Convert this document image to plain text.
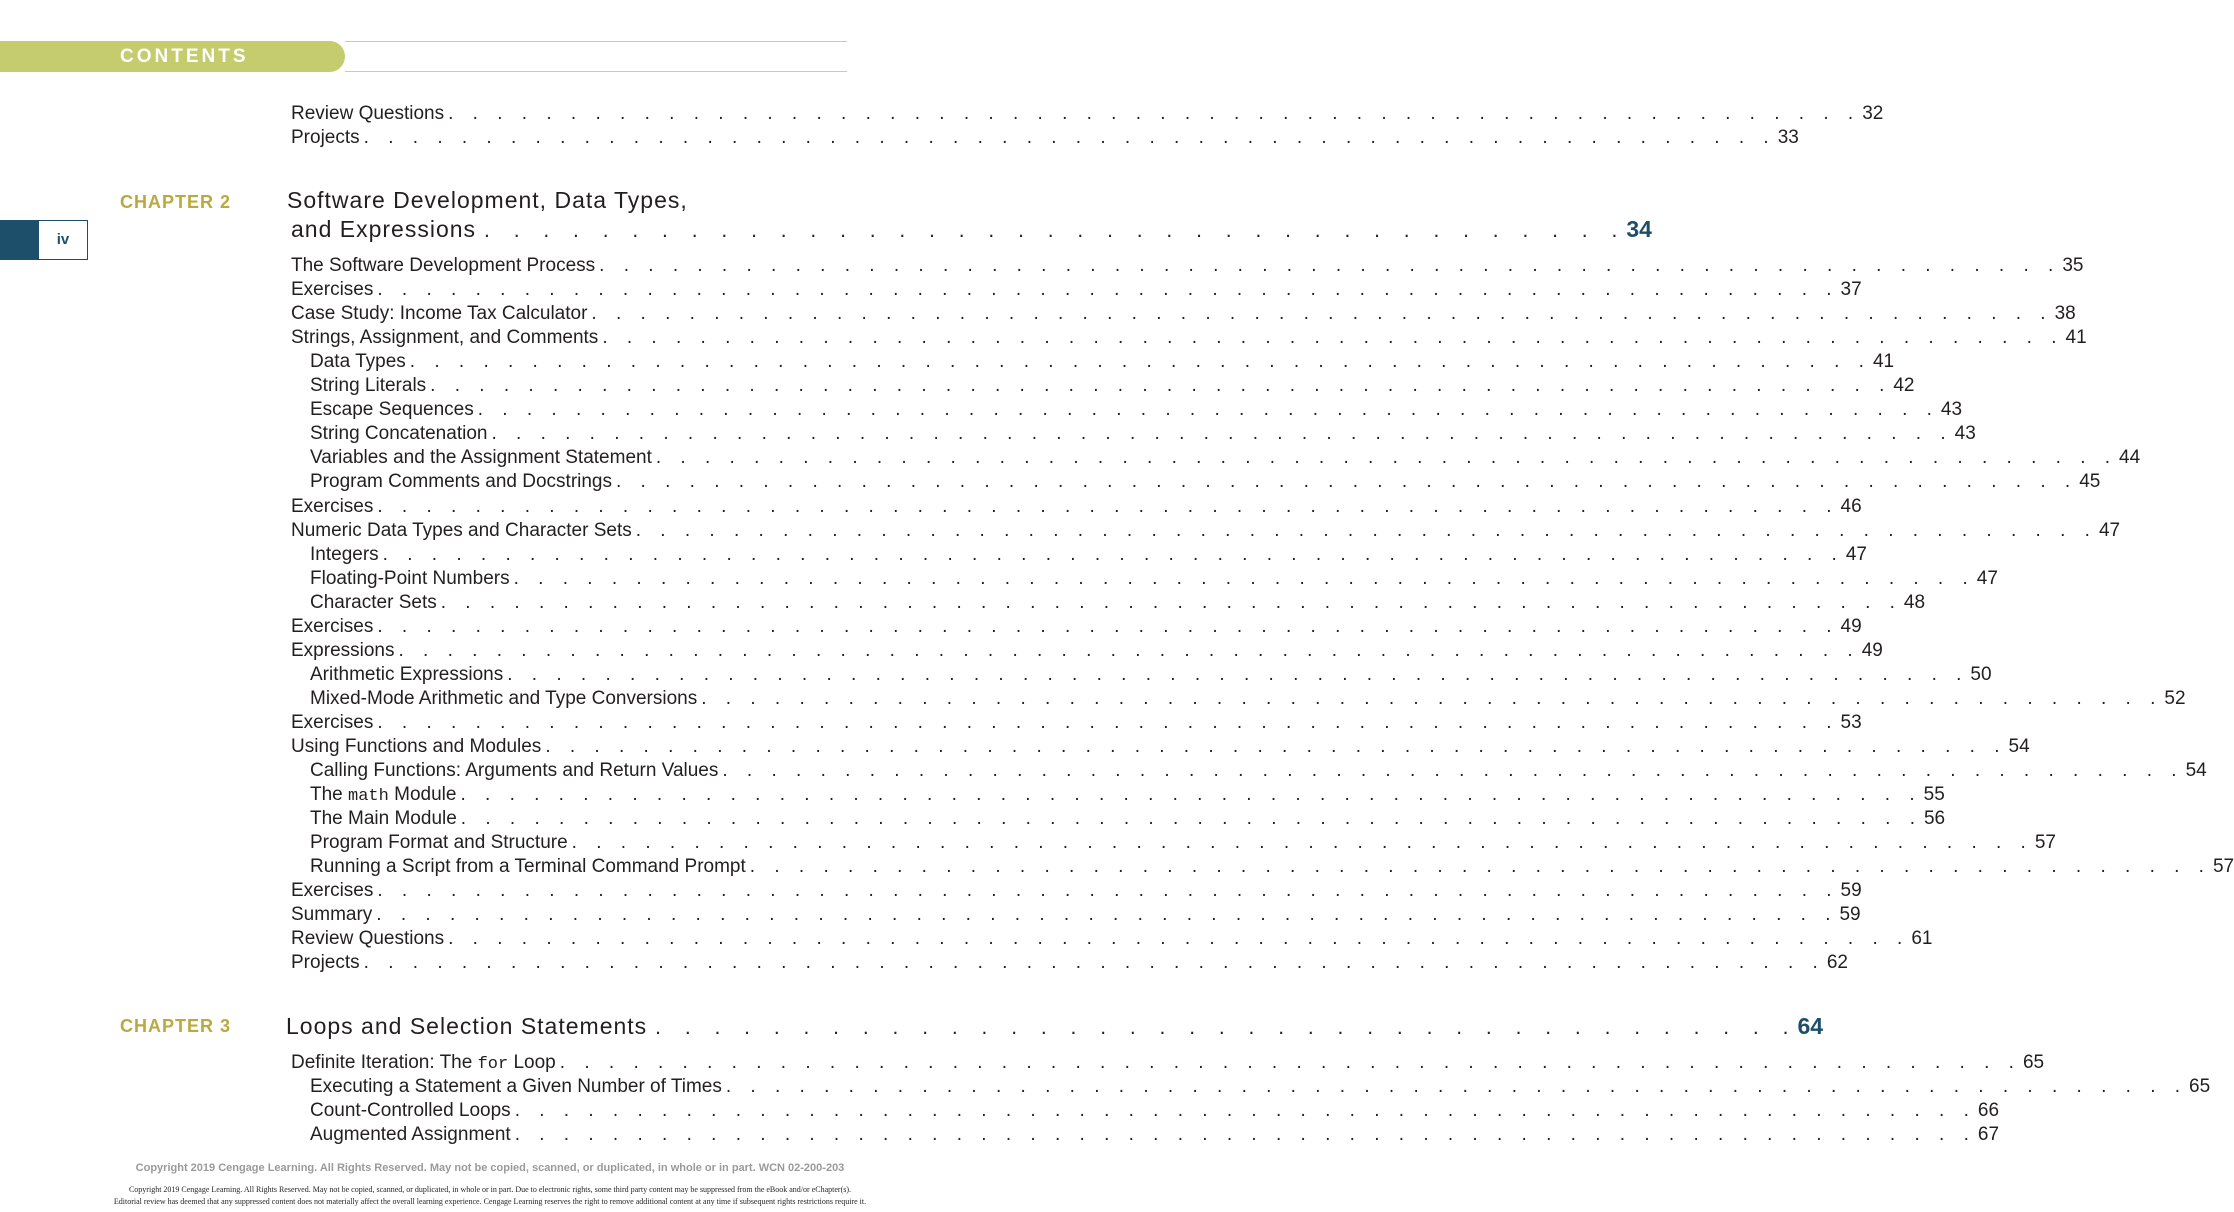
CONTENTS
iv
Review Questions . . . . . . . . . . . . . . . . . . . . . . . . . . . . . . . . . . . . . . . . . . . . . . . . . . . . . . . . . . 32
Projects . . . . . . . . . . . . . . . . . . . . . . . . . . . . . . . . . . . . . . . . . . . . . . . . . . . . . . . . . . 33
CHAPTER 2 Software Development, Data Types,
and Expressions . . . . . . . . . . . . . . . . . . . . . . . . . . . . . . . . . . . . . . . 34
The Software Development Process . . . . . . . . . . . . . . . . . . . . . . . . . . . . . . . . . . . . . . . . . . . . . . . . . . . . . . . . . . . . 35
Exercises . . . . . . . . . . . . . . . . . . . . . . . . . . . . . . . . . . . . . . . . . . . . . . . . . . . . . . . . . . . . 37
Case Study: Income Tax Calculator . . . . . . . . . . . . . . . . . . . . . . . . . . . . . . . . . . . . . . . . . . . . . . . . . . . . . . . . . . . . 38
Strings, Assignment, and Comments . . . . . . . . . . . . . . . . . . . . . . . . . . . . . . . . . . . . . . . . . . . . . . . . . . . . . . . . . . . . 41
Data Types . . . . . . . . . . . . . . . . . . . . . . . . . . . . . . . . . . . . . . . . . . . . . . . . . . . . . . . . . . . . 41
String Literals . . . . . . . . . . . . . . . . . . . . . . . . . . . . . . . . . . . . . . . . . . . . . . . . . . . . . . . . . . . . 42
Escape Sequences . . . . . . . . . . . . . . . . . . . . . . . . . . . . . . . . . . . . . . . . . . . . . . . . . . . . . . . . . . . . 43
String Concatenation . . . . . . . . . . . . . . . . . . . . . . . . . . . . . . . . . . . . . . . . . . . . . . . . . . . . . . . . . . . . 43
Variables and the Assignment Statement . . . . . . . . . . . . . . . . . . . . . . . . . . . . . . . . . . . . . . . . . . . . . . . . . . . . . . . . . . . . 44
Program Comments and Docstrings . . . . . . . . . . . . . . . . . . . . . . . . . . . . . . . . . . . . . . . . . . . . . . . . . . . . . . . . . . . . 45
Exercises . . . . . . . . . . . . . . . . . . . . . . . . . . . . . . . . . . . . . . . . . . . . . . . . . . . . . . . . . . . . 46
Numeric Data Types and Character Sets . . . . . . . . . . . . . . . . . . . . . . . . . . . . . . . . . . . . . . . . . . . . . . . . . . . . . . . . . . . . 47
Integers . . . . . . . . . . . . . . . . . . . . . . . . . . . . . . . . . . . . . . . . . . . . . . . . . . . . . . . . . . . . 47
Floating-Point Numbers . . . . . . . . . . . . . . . . . . . . . . . . . . . . . . . . . . . . . . . . . . . . . . . . . . . . . . . . . . . . 47
Character Sets . . . . . . . . . . . . . . . . . . . . . . . . . . . . . . . . . . . . . . . . . . . . . . . . . . . . . . . . . . . . 48
Exercises . . . . . . . . . . . . . . . . . . . . . . . . . . . . . . . . . . . . . . . . . . . . . . . . . . . . . . . . . . . . 49
Expressions . . . . . . . . . . . . . . . . . . . . . . . . . . . . . . . . . . . . . . . . . . . . . . . . . . . . . . . . . . . . 49
Arithmetic Expressions . . . . . . . . . . . . . . . . . . . . . . . . . . . . . . . . . . . . . . . . . . . . . . . . . . . . . . . . . . . . 50
Mixed-Mode Arithmetic and Type Conversions . . . . . . . . . . . . . . . . . . . . . . . . . . . . . . . . . . . . . . . . . . . . . . . . . . . . . . . . . . . . 52
Exercises . . . . . . . . . . . . . . . . . . . . . . . . . . . . . . . . . . . . . . . . . . . . . . . . . . . . . . . . . . . . 53
Using Functions and Modules . . . . . . . . . . . . . . . . . . . . . . . . . . . . . . . . . . . . . . . . . . . . . . . . . . . . . . . . . . . . 54
Calling Functions: Arguments and Return Values . . . . . . . . . . . . . . . . . . . . . . . . . . . . . . . . . . . . . . . . . . . . . . . . . . . . . . . . . . . . 54
The math Module . . . . . . . . . . . . . . . . . . . . . . . . . . . . . . . . . . . . . . . . . . . . . . . . . . . . . . . . . . . . 55
The Main Module . . . . . . . . . . . . . . . . . . . . . . . . . . . . . . . . . . . . . . . . . . . . . . . . . . . . . . . . . . . . 56
Program Format and Structure . . . . . . . . . . . . . . . . . . . . . . . . . . . . . . . . . . . . . . . . . . . . . . . . . . . . . . . . . . . . 57
Running a Script from a Terminal Command Prompt . . . . . . . . . . . . . . . . . . . . . . . . . . . . . . . . . . . . . . . . . . . . . . . . . . . . . . . . . . . . 57
Exercises . . . . . . . . . . . . . . . . . . . . . . . . . . . . . . . . . . . . . . . . . . . . . . . . . . . . . . . . . . . . 59
Summary . . . . . . . . . . . . . . . . . . . . . . . . . . . . . . . . . . . . . . . . . . . . . . . . . . . . . . . . . . . . 59
Review Questions . . . . . . . . . . . . . . . . . . . . . . . . . . . . . . . . . . . . . . . . . . . . . . . . . . . . . . . . . . . . 61
Projects . . . . . . . . . . . . . . . . . . . . . . . . . . . . . . . . . . . . . . . . . . . . . . . . . . . . . . . . . . . . 62
CHAPTER 3 Loops and Selection Statements . . . . . . . . . . . . . . . . . . . . . . . . . . . . . . . . . . . . . . . 64
Definite Iteration: The for Loop . . . . . . . . . . . . . . . . . . . . . . . . . . . . . . . . . . . . . . . . . . . . . . . . . . . . . . . . . . . . 65
Executing a Statement a Given Number of Times . . . . . . . . . . . . . . . . . . . . . . . . . . . . . . . . . . . . . . . . . . . . . . . . . . . . . . . . . . . . 65
Count-Controlled Loops . . . . . . . . . . . . . . . . . . . . . . . . . . . . . . . . . . . . . . . . . . . . . . . . . . . . . . . . . . . . 66
Augmented Assignment . . . . . . . . . . . . . . . . . . . . . . . . . . . . . . . . . . . . . . . . . . . . . . . . . . . . . . . . . . . . 67
Copyright 2019 Cengage Learning. All Rights Reserved. May not be copied, scanned, or duplicated, in whole or in part. WCN 02-200-203
Copyright 2019 Cengage Learning. All Rights Reserved. May not be copied, scanned, or duplicated, in whole or in part. Due to electronic rights, some third party content may be suppressed from the eBook and/or eChapter(s).
Editorial review has deemed that any suppressed content does not materially affect the overall learning experience. Cengage Learning reserves the right to remove additional content at any time if subsequent rights restrictions require it.
